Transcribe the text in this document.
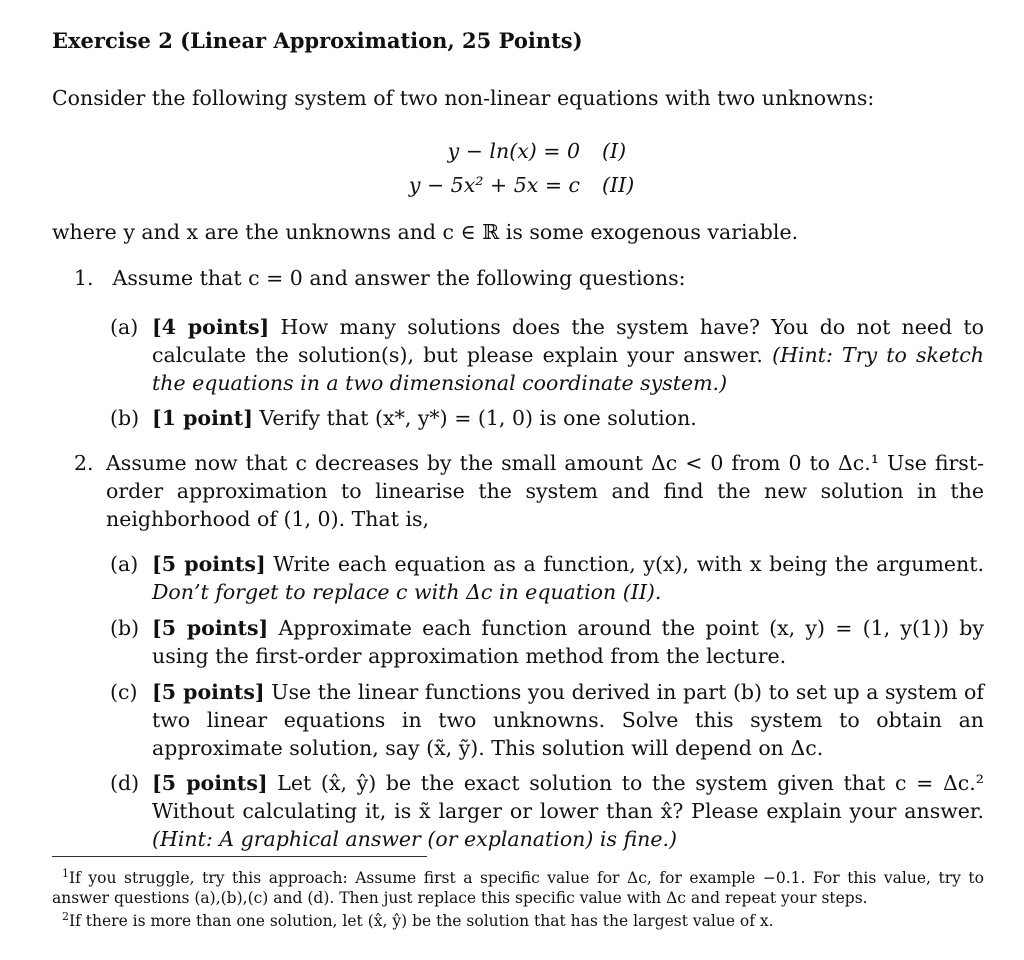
Exercise 2 (Linear Approximation, 25 Points)
Consider the following system of two non-linear equations with two unknowns:
y − ln(x) = 0 (I)
y − 5x² + 5x = c (II)
where y and x are the unknowns and c ∈ ℝ is some exogenous variable.
1. Assume that c = 0 and answer the following questions:
(a) [4 points] How many solutions does the system have? You do not need to calculate the solution(s), but please explain your answer. (Hint: Try to sketch the equations in a two dimensional coordinate system.)
(b) [1 point] Verify that (x*, y*) = (1, 0) is one solution.
2. Assume now that c decreases by the small amount Δc < 0 from 0 to Δc.¹ Use first-order approximation to linearise the system and find the new solution in the neighborhood of (1, 0). That is,
(a) [5 points] Write each equation as a function, y(x), with x being the argument. Don’t forget to replace c with Δc in equation (II).
(b) [5 points] Approximate each function around the point (x, y) = (1, y(1)) by using the first-order approximation method from the lecture.
(c) [5 points] Use the linear functions you derived in part (b) to set up a system of two linear equations in two unknowns. Solve this system to obtain an approximate solution, say (x̃, ỹ). This solution will depend on Δc.
(d) [5 points] Let (x̂, ŷ) be the exact solution to the system given that c = Δc.² Without calculating it, is x̃ larger or lower than x̂? Please explain your answer. (Hint: A graphical answer (or explanation) is fine.)
$^1$If you struggle, try this approach: Assume first a specific value for Δc, for example −0.1. For this value, try to answer questions (a),(b),(c) and (d). Then just replace this specific value with Δc and repeat your steps.
$^2$If there is more than one solution, let (x̂, ŷ) be the solution that has the largest value of x.
